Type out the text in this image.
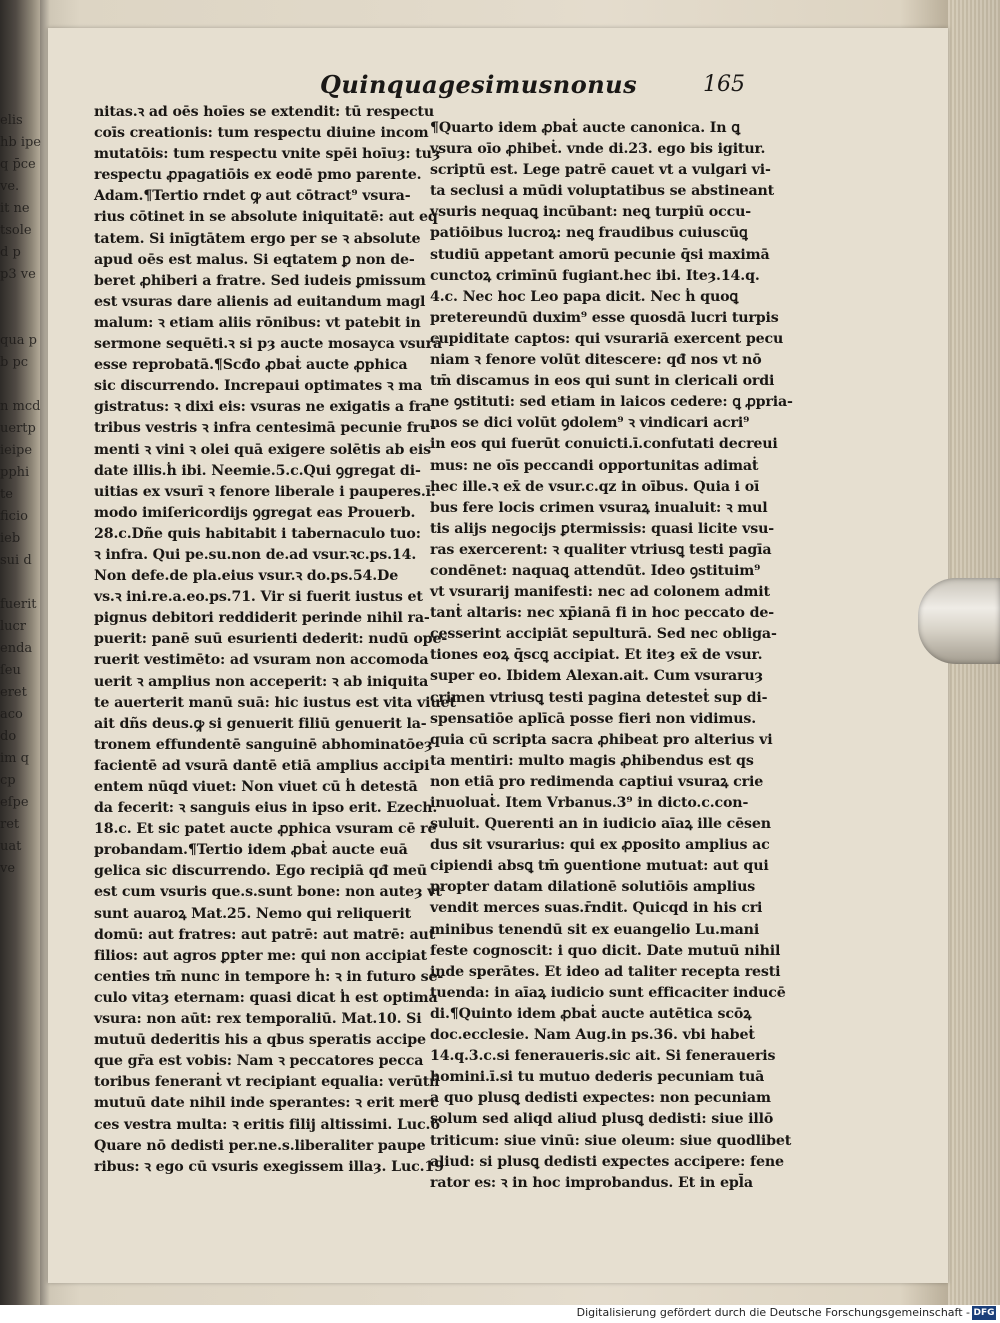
elis
hb ipe
q p̄ce
ve.
it ne
tsole
d p
p3 ve
qua p
b pc
n mcd
uertp
ieipe
pphi
te
ficio
ieb
sui d
fuerit
lucr
enda
ſeu
eret
aco
do
im q
cp
eſpe
ret
uat
ve
Quinquagesimusnonus	165
nitas.ꝛ ad oēs hoīes se extendit: tū respectu
coīs creationis: tum respectu diuine incom
mutatōis: tum respectu vnite spēi hoīuȝ: tuȝ
respectu ꝓpagatiōis ex eodē pmo parente.
Adam.¶Tertio rndet ꝙ aut cōtract⁹ vsura-
rius cōtinet in se absolute iniquitatē: aut eq
tatem. Si inīgtātem ergo per se ꝛ absolute
apud oēs est malus. Si eqtatem ꝑ non de-
beret ꝓhiberi a fratre. Sed iudeis ꝑmissum
est vsuras dare alienis ad euitandum magl
malum: ꝛ etiam aliis rōnibus: vt patebit in
sermone sequēti.ꝛ si pȝ aucte mosayca vsurā
esse reprobatā.¶Scđo ꝓbaṫ aucte ꝓphica
sic discurrendo. Increpaui optimates ꝛ ma
gistratus: ꝛ dixi eis: vsuras ne exigatis a fra
tribus vestris ꝛ infra centesimā pecunie fru-
menti ꝛ vini ꝛ olei quā exigere solētis ab eis
date illis.ḣ ibi. Neemie.5.c.Qui ꝯgregat di-
uitias ex vsurī ꝛ fenore liberale i pauperes.ī.
modo imiſericordijs ꝯgregat eas Prouerb.
28.c.Dñe quis habitabit i tabernaculo tuo:
ꝛ infra. Qui pe.su.non de.ad vsur.ꝛc.ps.14.
Non defe.de pla.eius vsur.ꝛ do.ps.54.De
vs.ꝛ ini.re.a.eo.ps.71. Vir si fuerit iustus et
pignus debitori reddiderit perinde nihil ra-
puerit: panē suū esurienti dederit: nudū ope-
ruerit vestimēto: ad vsuram non accomoda
uerit ꝛ amplius non acceperit: ꝛ ab iniquita
te auerterit manū suā: hic iustus est vita viuet
ait dñs deus.ꝙ si genuerit filiū genuerit la-
tronem effundentē sanguinē abhominatōeȝ
facientē ad vsurā dantē etiā amplius accipi
entem nūqd viuet: Non viuet cū ḣ detestā
da fecerit: ꝛ sanguis eius in ipso erit. Ezech.
18.c. Et sic patet aucte ꝓphica vsuram cē re
probandam.¶Tertio idem ꝓbaṫ aucte euā
gelica sic discurrendo. Ego recipiā qđ meū
est cum vsuris que.s.sunt bone: non auteȝ vt
sunt auaroꝝ Mat.25. Nemo qui reliquerit
domū: aut fratres: aut patrē: aut matrē: aut
filios: aut agros ꝑpter me: qui non accipiat
centies tm̄ nunc in tempore ḣ: ꝛ in futuro se-
culo vitaȝ eternam: quasi dicat ḣ est optima
vsura: non aūt: rex temporaliū. Mat.10. Si
mutuū dederitis his a qbus speratis accipe
que gr̄a est vobis: Nam ꝛ peccatores pecca
toribus feneranṫ vt recipiant equalia: verūtñ
mutuū date nihil inde sperantes: ꝛ erit merc
ces vestra multa: ꝛ eritis filij altissimi. Luc.6
Quare nō dedisti per.ne.s.liberaliter paupe
ribus: ꝛ ego cū vsuris exegissem illaȝ. Luc.19
¶Quarto idem ꝓbaṫ aucte canonica. In ꝗ
vsura oīo ꝓhibeṫ. vnde di.23. ego bis igitur.
scriptū est. Lege patrē cauet vt a vulgari vi-
ta seclusi a mūdi voluptatibus se abstineant
vsuris nequaꝗ incūbant: neꝗ turpiū occu-
patiōibus lucroꝝ: neꝗ fraudibus cuiuscūꝗ
studiū appetant amorū pecunie q̄si maximā
cunctoꝝ crimīnū fugiant.hec ibi. Iteȝ.14.q.
4.c. Nec hoc Leo papa dicit. Nec ḣ quoꝗ
pretereundū duxim⁹ esse quosdā lucri turpis
cupiditate captos: qui vsurariā exercent pecu
niam ꝛ fenore volūt ditescere: qđ nos vt nō
tm̄ discamus in eos qui sunt in clericali ordi
ne ꝯstituti: sed etiam in laicos cedere: ꝗ ꝓpria-
nos se dici volūt ꝯdolem⁹ ꝛ vindicari acri⁹
in eos qui fuerūt conuicti.ī.confutati decreui
mus: ne oīs peccandi opportunitas adimaṫ
hec ille.ꝛ ex̄ de vsur.c.qz in oībus. Quia i oī
bus fere locis crimen vsuraꝝ inualuit: ꝛ mul
tis alijs negocijs ꝑtermissis: quasi licite vsu-
ras exercerent: ꝛ qualiter vtriusꝗ testi pagīa
condēnet: naquaꝗ attendūt. Ideo ꝯstituim⁹
vt vsurarij manifesti: nec ad colonem admit
tanṫ altaris: nec xp̄ianā fi in hoc peccato de-
cesserint accipiāt sepulturā. Sed nec obliga-
tiones eoꝝ q̄scꝗ accipiat. Et iteȝ ex̄ de vsur.
super eo. Ibidem Alexan.ait. Cum vsuraruȝ
crimen vtriusꝗ testi pagina detesteṫ sup di-
spensatiōe aplīcā posse fieri non vidimus.
quia cū scripta sacra ꝓhibeat pro alterius vi
ta mentiri: multo magis ꝓhibendus est qs
non etiā pro redimenda captiui vsuraꝝ crie
inuoluaṫ. Item Vrbanus.3⁹ in dicto.c.con-
suluit. Querenti an in iudicio aīaꝝ ille cēsen
dus sit vsurarius: qui ex ꝓposito amplius ac
cipiendi absꝗ tm̄ ꝯuentione mutuat: aut qui
propter datam dilationē solutiōis amplius
vendit merces suas.r̄ndit. Quicqd in his cri
minibus tenendū sit ex euangelio Lu.mani
feste cognoscit: i quo dicit. Date mutuū nihil
inde sperātes. Et ideo ad taliter recepta resti
tuenda: in aīaꝝ iudicio sunt efficaciter inducē
di.¶Quinto idem ꝓbaṫ aucte autētica scōꝝ
doc.ecclesie. Nam Aug.in ps.36. vbi habeṫ
14.q.3.c.si feneraueris.sic ait. Si feneraueris
homini.ī.si tu mutuo dederis pecuniam tuā
a quo plusꝗ dedisti expectes: non pecuniam
solum sed aliqd aliud plusꝗ dedisti: siue illō
triticum: siue vinū: siue oleum: siue quodlibet
aliud: si plusꝗ dedisti expectes accipere: fene
rator es: ꝛ in hoc improbandus. Et in epl̄a
Digitalisierung gefördert durch die Deutsche Forschungsgemeinschaft - DFG
